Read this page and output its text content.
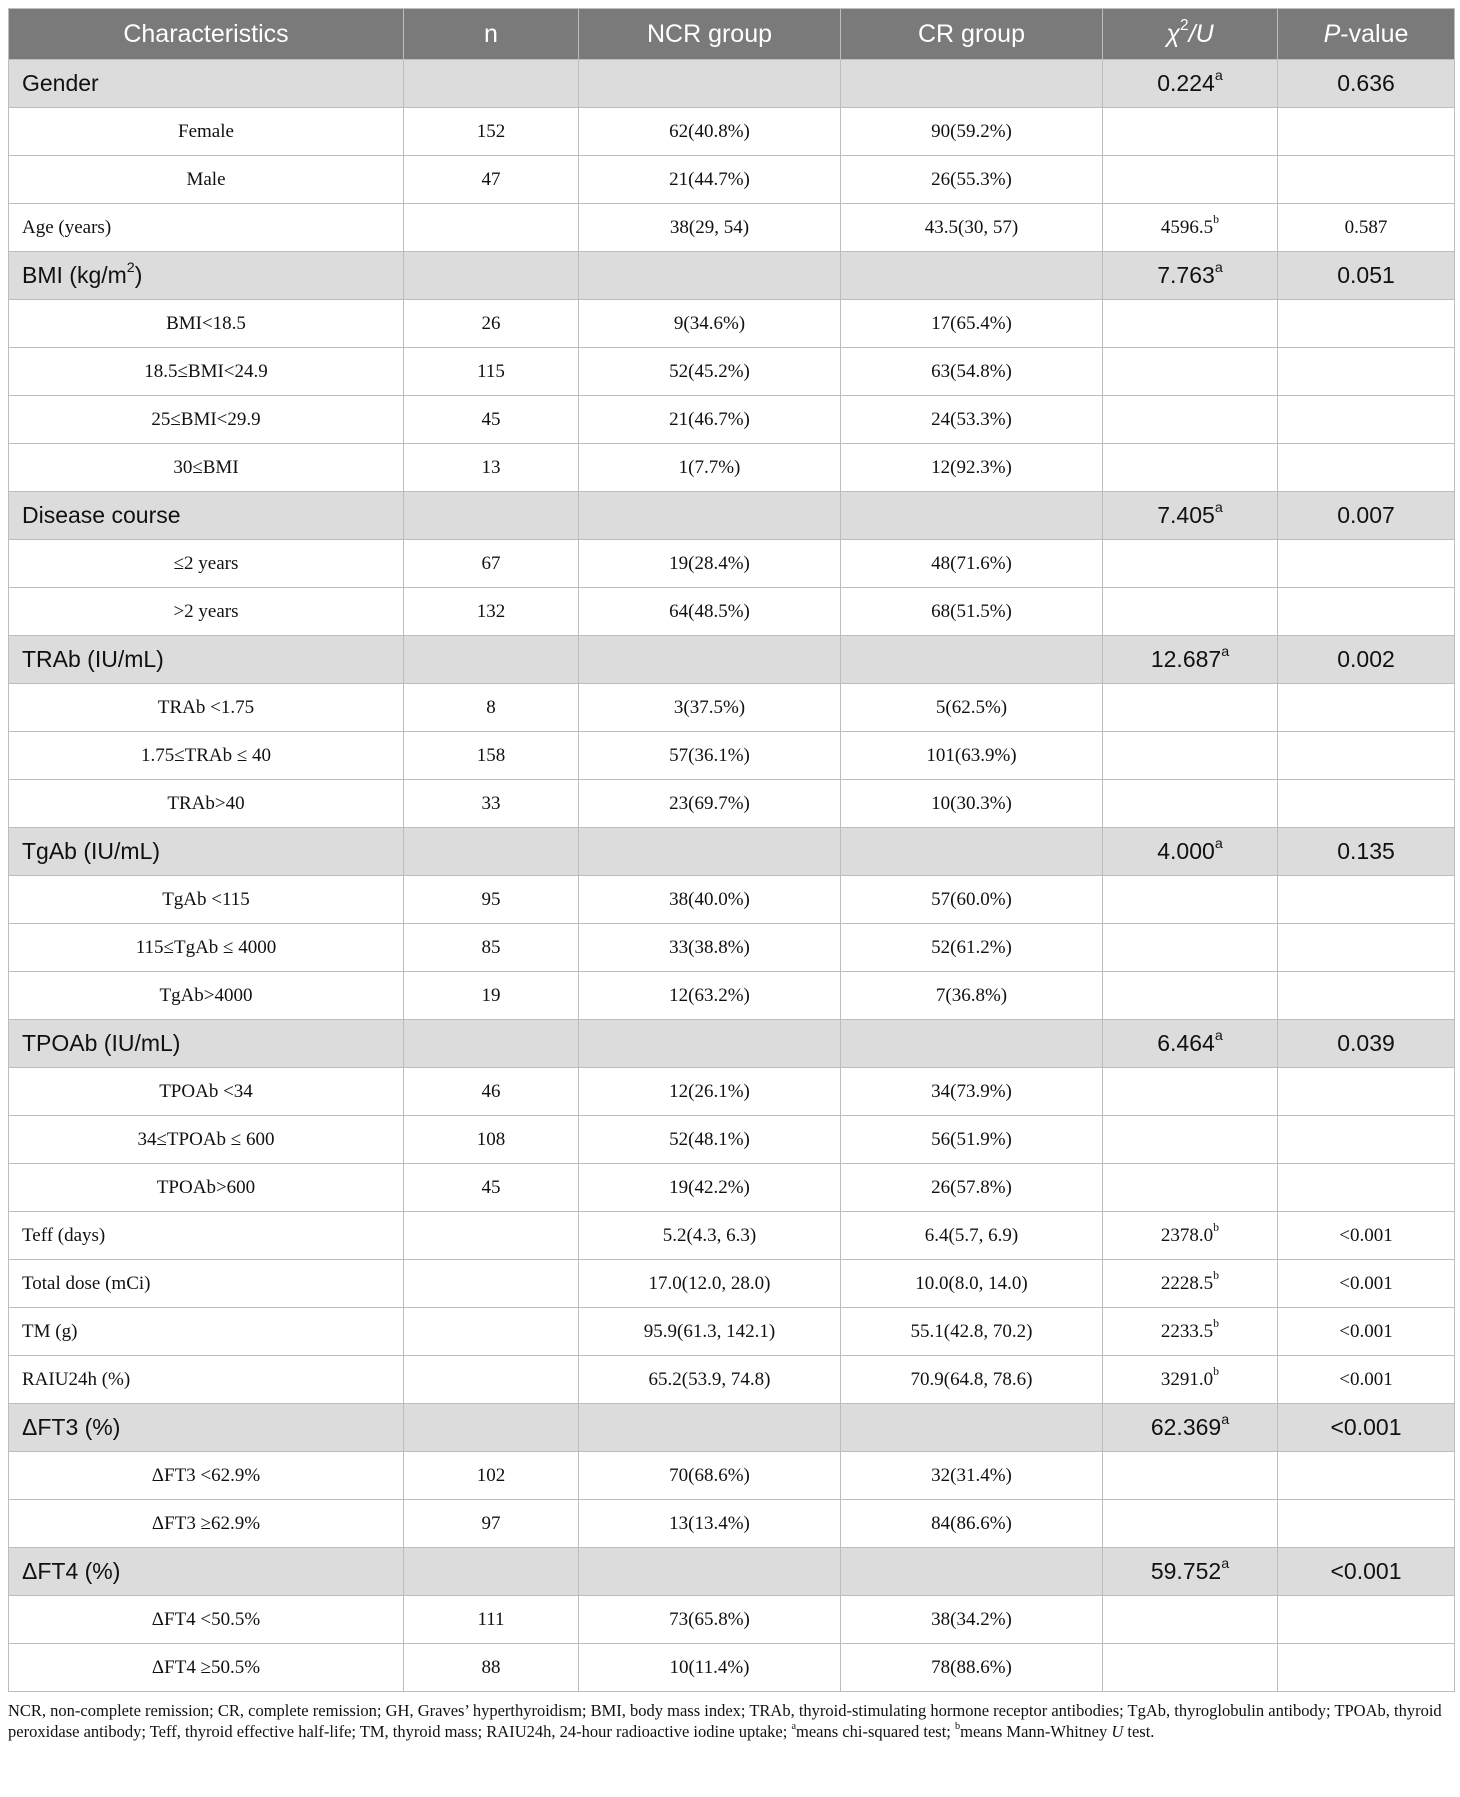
Characteristics	n	NCR group	CR group	$\chi^2/U$	P-value
Gender				0.224$^a$	0.636
Female	152	62(40.8%)	90(59.2%)		
Male	47	21(44.7%)	26(55.3%)		
Age (years)		38(29, 54)	43.5(30, 57)	4596.5$^b$	0.587
BMI $(kg/m^2)$				7.763$^a$	0.051
BMI<18.5	26	9(34.6%)	17(65.4%)		
18.5≤BMI<24.9	115	52(45.2%)	63(54.8%)		
25≤BMI<29.9	45	21(46.7%)	24(53.3%)		
30≤BMI	13	1(7.7%)	12(92.3%)		
Disease course				7.405$^a$	0.007
≤2 years	67	19(28.4%)	48(71.6%)		
>2 years	132	64(48.5%)	68(51.5%)		
TRAb (IU/mL)				12.687$^a$	0.002
TRAb <1.75	8	3(37.5%)	5(62.5%)		
1.75≤TRAb ≤ 40	158	57(36.1%)	101(63.9%)		
TRAb>40	33	23(69.7%)	10(30.3%)		
TgAb (IU/mL)				4.000$^a$	0.135
TgAb <115	95	38(40.0%)	57(60.0%)		
115≤TgAb ≤ 4000	85	33(38.8%)	52(61.2%)		
TgAb>4000	19	12(63.2%)	7(36.8%)		
TPOAb (IU/mL)				6.464$^a$	0.039
TPOAb <34	46	12(26.1%)	34(73.9%)		
34≤TPOAb ≤ 600	108	52(48.1%)	56(51.9%)		
TPOAb>600	45	19(42.2%)	26(57.8%)		
Teff (days)		5.2(4.3, 6.3)	6.4(5.7, 6.9)	2378.0$^b$	<0.001
Total dose (mCi)		17.0(12.0, 28.0)	10.0(8.0, 14.0)	2228.5$^b$	<0.001
TM (g)		95.9(61.3, 142.1)	55.1(42.8, 70.2)	2233.5$^b$	<0.001
RAIU24h (%)		65.2(53.9, 74.8)	70.9(64.8, 78.6)	3291.0$^b$	<0.001
ΔFT3 (%)				62.369$^a$	<0.001
ΔFT3 <62.9%	102	70(68.6%)	32(31.4%)		
ΔFT3 ≥62.9%	97	13(13.4%)	84(86.6%)		
ΔFT4 (%)				59.752$^a$	<0.001
ΔFT4 <50.5%	111	73(65.8%)	38(34.2%)		
ΔFT4 ≥50.5%	88	10(11.4%)	78(88.6%)		
NCR, non-complete remission; CR, complete remission; GH, Graves’ hyperthyroidism; BMI, body mass index; TRAb, thyroid-stimulating hormone receptor antibodies; TgAb, thyroglobulin antibody; TPOAb, thyroid peroxidase antibody; Teff, thyroid effective half-life; TM, thyroid mass; RAIU24h, 24-hour radioactive iodine uptake; $^a$means chi-squared test; $^b$means Mann-Whitney U test.
